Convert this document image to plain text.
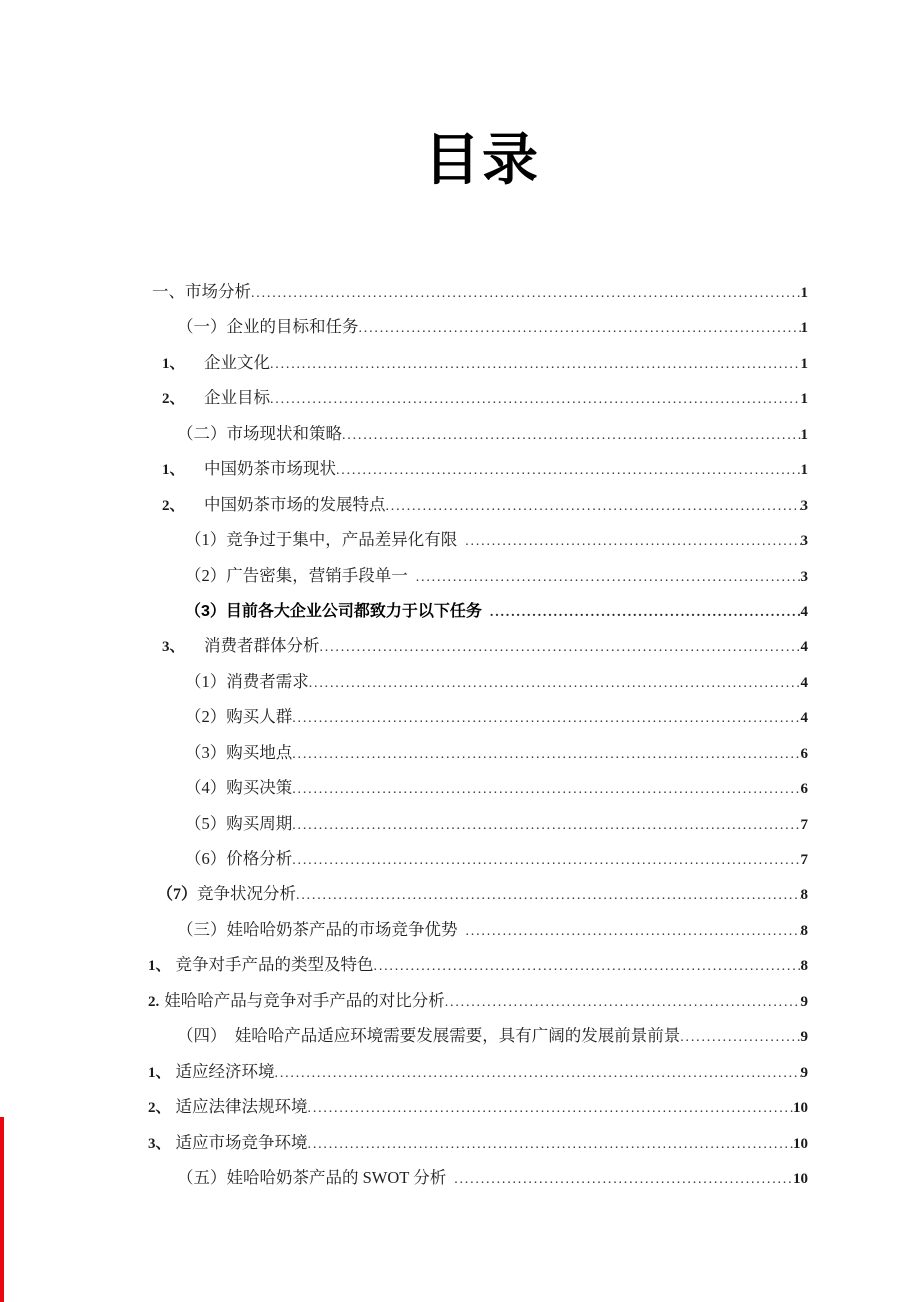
目录
一、市场分析 .....	1
（一）企业的目标和任务 .....	1
1、	企业文化 .....	1
2、	企业目标 .....	1
（二）市场现状和策略 .....	1
1、	中国奶茶市场现状 .....	1
2、	中国奶茶市场的发展特点 .....	3
（1）竞争过于集中，产品差异化有限 .....	3
（2）广告密集，营销手段单一 .....	3
（3）目前各大企业公司都致力于以下任务 .....	4
3、	消费者群体分析 .....	4
（1）消费者需求 .....	4
（2）购买人群 .....	4
（3）购买地点 .....	6
（4）购买决策 .....	6
（5）购买周期 .....	7
（6）价格分析 .....	7
（7） 竞争状况分析 .....	8
（三）娃哈哈奶茶产品的市场竞争优势 .....	8
1、 竞争对手产品的类型及特色 .....	8
2. 娃哈哈产品与竞争对手产品的对比分析 .....	9
（四）　娃哈哈产品适应环境需要发展需要，具有广阔的发展前景前景 .....	9
1、 适应经济环境 .....	9
2、 适应法律法规环境 .....	10
3、 适应市场竞争环境 .....	10
（五）娃哈哈奶茶产品的 SWOT 分析 .....	10
